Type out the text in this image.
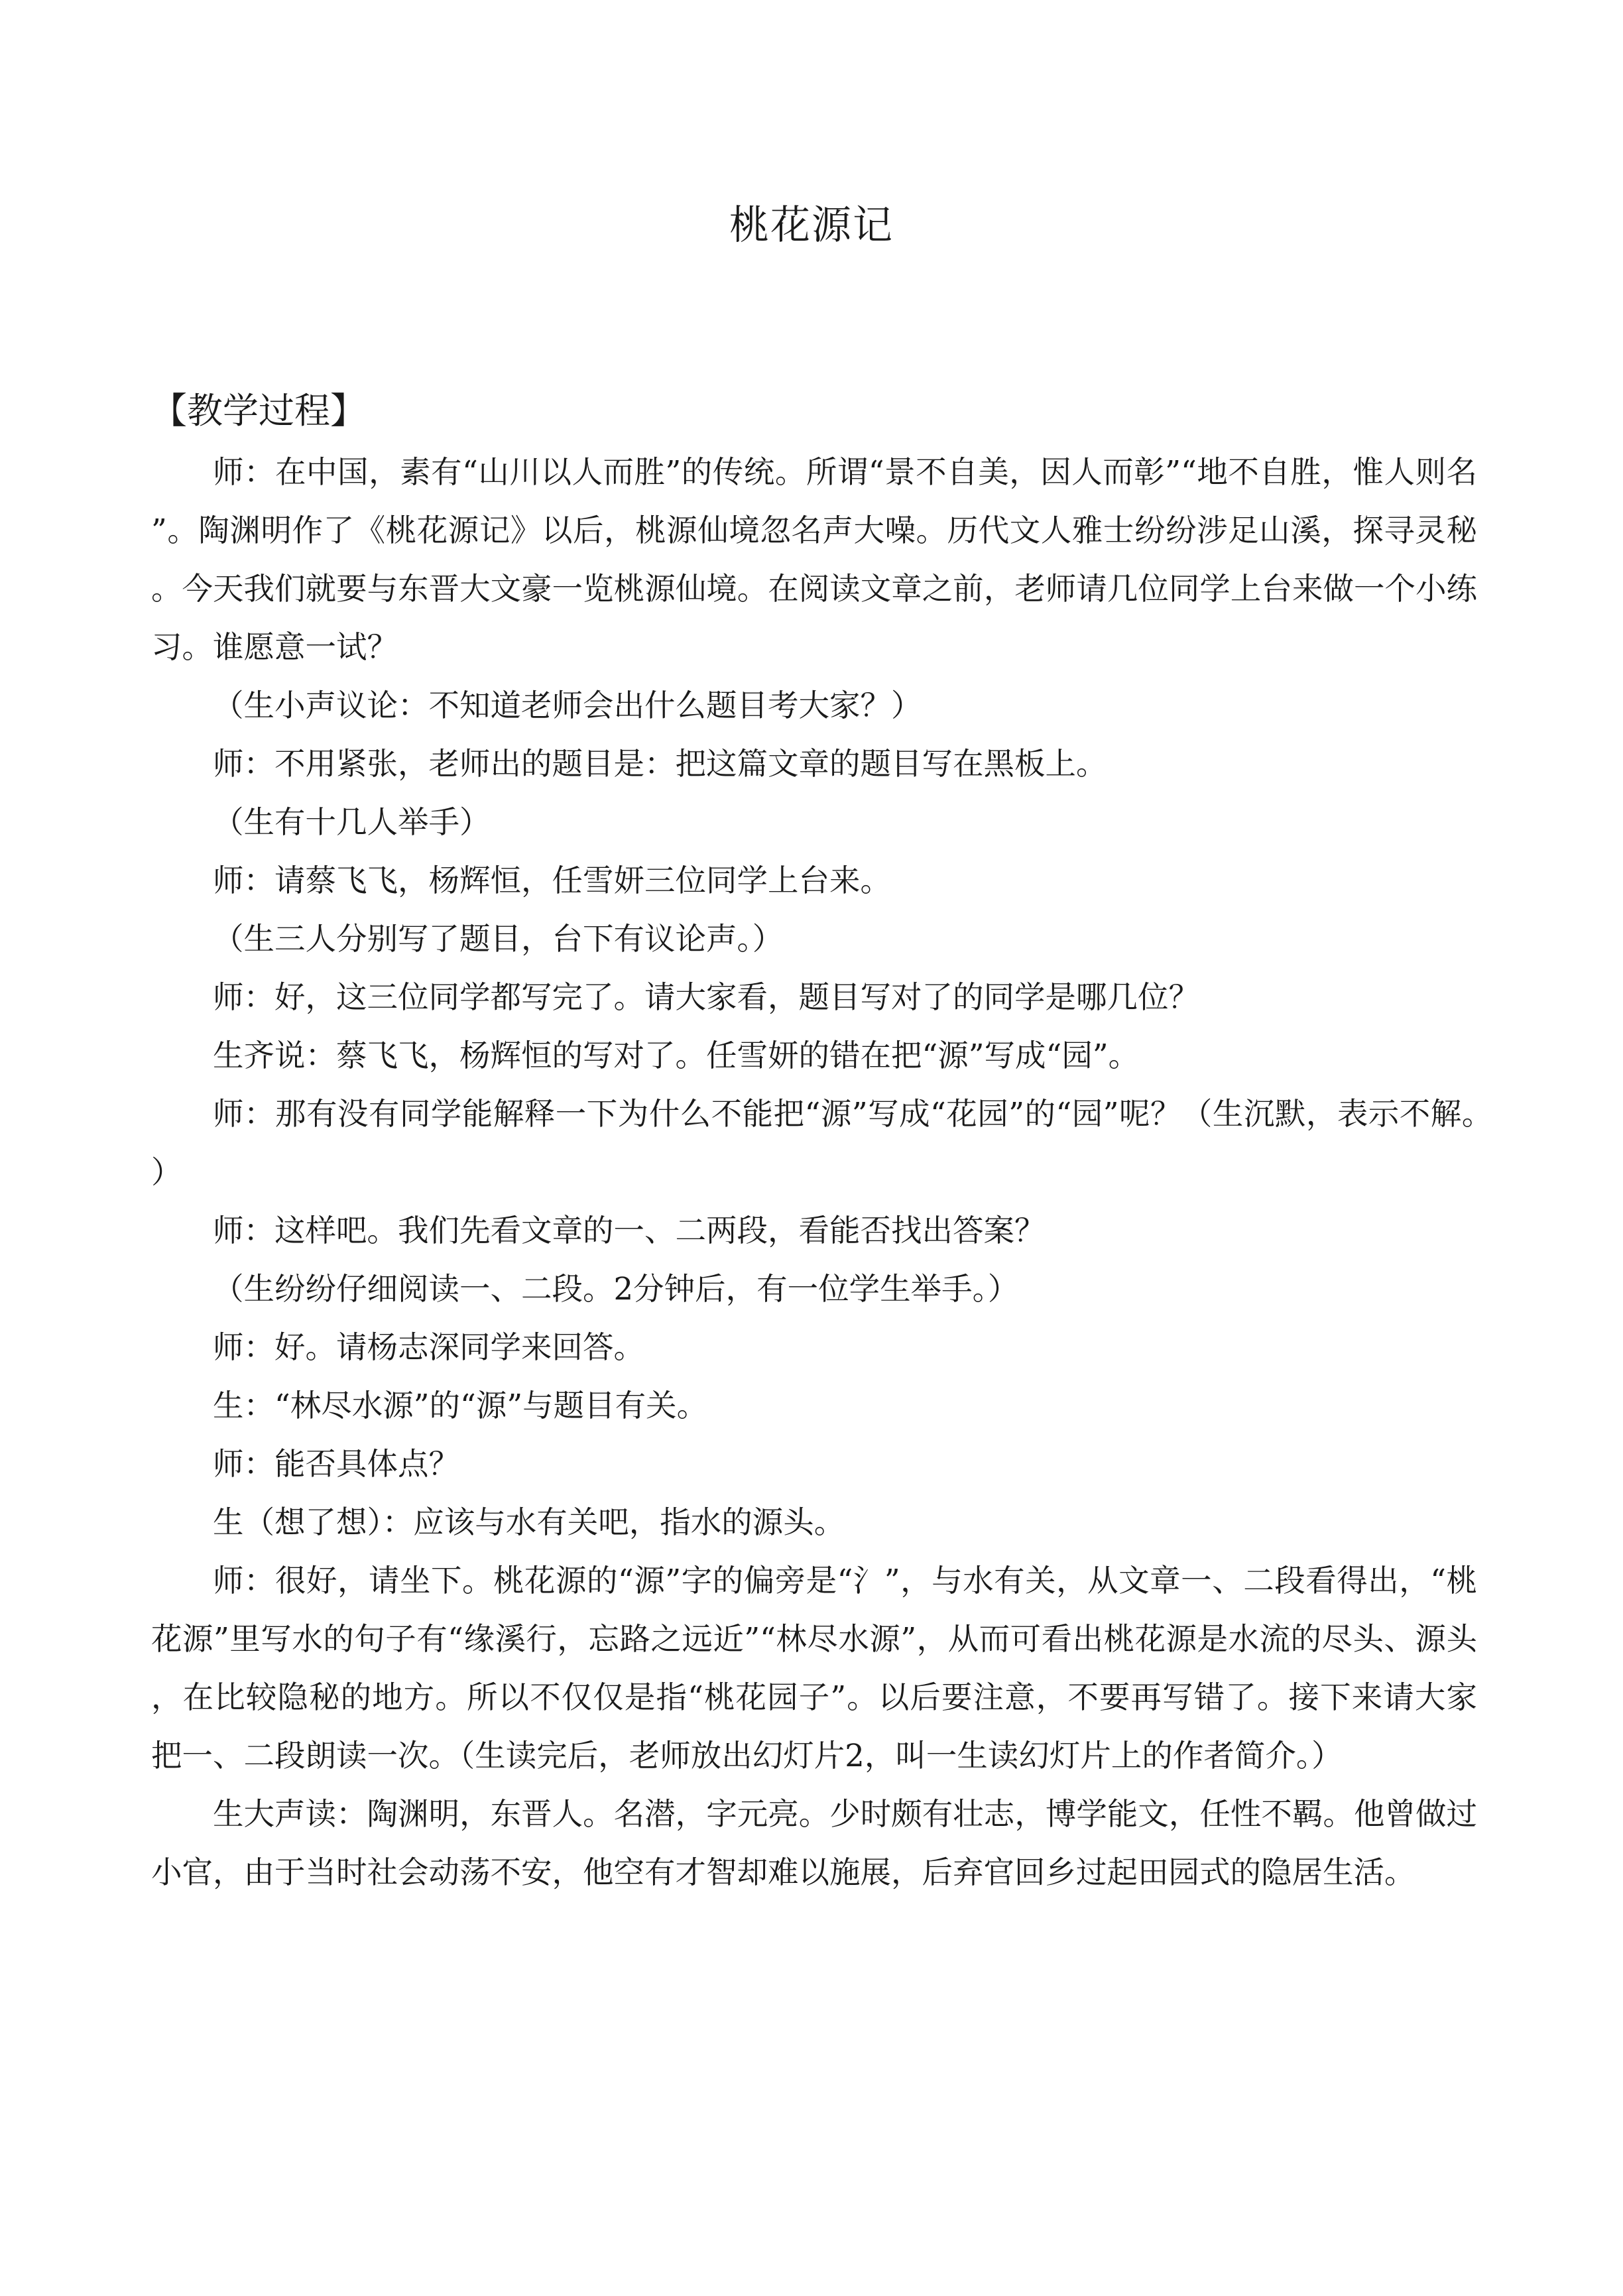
桃花源记
【教学过程】

师：在中国，素有“山川以人而胜”的传统。所谓“景不自美，因人而彰”“地不自胜，惟人则名”。陶渊明作了《桃花源记》以后，桃源仙境忽名声大噪。历代文人雅士纷纷涉足山溪，探寻灵秘。今天我们就要与东晋大文豪一览桃源仙境。在阅读文章之前，老师请几位同学上台来做一个小练习。谁愿意一试？

（生小声议论：不知道老师会出什么题目考大家？）

师：不用紧张，老师出的题目是：把这篇文章的题目写在黑板上。

（生有十几人举手）

师：请蔡飞飞，杨辉恒，任雪妍三位同学上台来。

（生三人分别写了题目，台下有议论声。）

师：好，这三位同学都写完了。请大家看，题目写对了的同学是哪几位？

生齐说：蔡飞飞，杨辉恒的写对了。任雪妍的错在把“源”写成“园”。

师：那有没有同学能解释一下为什么不能把“源”写成“花园”的“园”呢？（生沉默，表示不解。）

师：这样吧。我们先看文章的一、二两段，看能否找出答案？

（生纷纷仔细阅读一、二段。2分钟后，有一位学生举手。）

师：好。请杨志深同学来回答。

生：“林尽水源”的“源”与题目有关。

师：能否具体点？

生（想了想）：应该与水有关吧，指水的源头。

师：很好，请坐下。桃花源的“源”字的偏旁是“氵”，与水有关，从文章一、二段看得出，“桃花源”里写水的句子有“缘溪行，忘路之远近”“林尽水源”，从而可看出桃花源是水流的尽头、源头，在比较隐秘的地方。所以不仅仅是指“桃花园子”。以后要注意，不要再写错了。接下来请大家把一、二段朗读一次。（生读完后，老师放出幻灯片2，叫一生读幻灯片上的作者简介。）

生大声读：陶渊明，东晋人。名潜，字元亮。少时颇有壮志，博学能文，任性不羁。他曾做过小官，由于当时社会动荡不安，他空有才智却难以施展，后弃官回乡过起田园式的隐居生活。
